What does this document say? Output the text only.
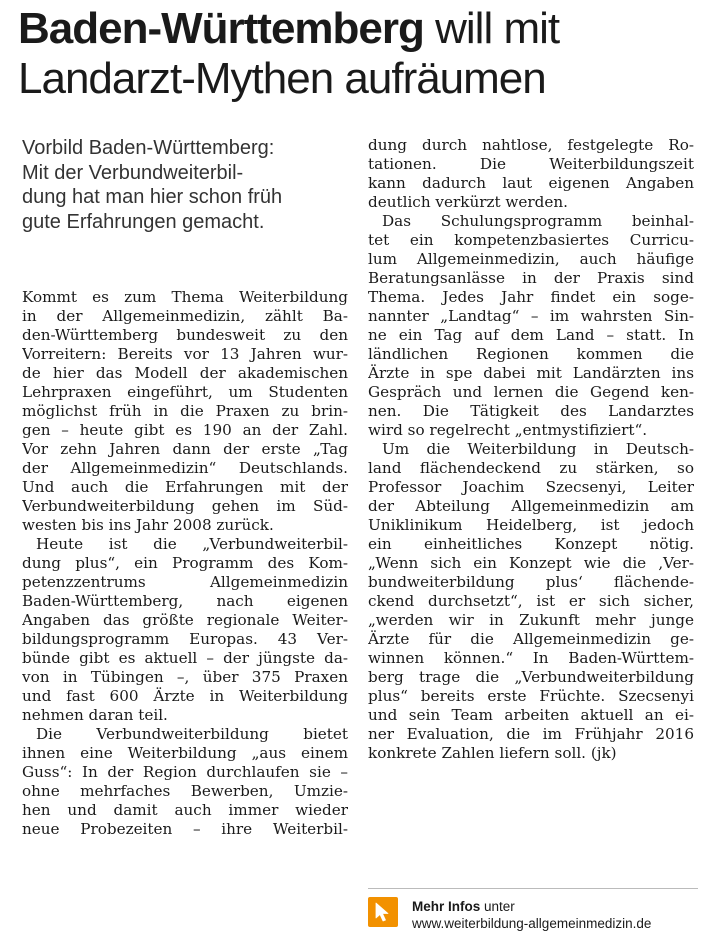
Baden-Württemberg will mit
Landarzt-Mythen aufräumen
Vorbild Baden-Württemberg:
Mit der Verbundweiterbil-
dung hat man hier schon früh
gute Erfahrungen gemacht.
Kommt es zum Thema Weiterbildung
in der Allgemeinmedizin, zählt Ba-
den-Württemberg bundesweit zu den
Vorreitern: Bereits vor 13 Jahren wur-
de hier das Modell der akademischen
Lehrpraxen eingeführt, um Studenten
möglichst früh in die Praxen zu brin-
gen – heute gibt es 190 an der Zahl.
Vor zehn Jahren dann der erste „Tag
der Allgemeinmedizin“ Deutschlands.
Und auch die Erfahrungen mit der
Verbundweiterbildung gehen im Süd-
westen bis ins Jahr 2008 zurück.
Heute ist die „Verbundweiterbil-
dung plus“, ein Programm des Kom-
petenzzentrums Allgemeinmedizin
Baden-Württemberg, nach eigenen
Angaben das größte regionale Weiter-
bildungsprogramm Europas. 43 Ver-
bünde gibt es aktuell – der jüngste da-
von in Tübingen –, über 375 Praxen
und fast 600 Ärzte in Weiterbildung
nehmen daran teil.
Die Verbundweiterbildung bietet
ihnen eine Weiterbildung „aus einem
Guss“: In der Region durchlaufen sie –
ohne mehrfaches Bewerben, Umzie-
hen und damit auch immer wieder
neue Probezeiten – ihre Weiterbil-
dung durch nahtlose, festgelegte Ro-
tationen. Die Weiterbildungszeit
kann dadurch laut eigenen Angaben
deutlich verkürzt werden.
Das Schulungsprogramm beinhal-
tet ein kompetenzbasiertes Curricu-
lum Allgemeinmedizin, auch häufige
Beratungsanlässe in der Praxis sind
Thema. Jedes Jahr findet ein soge-
nannter „Landtag“ – im wahrsten Sin-
ne ein Tag auf dem Land – statt. In
ländlichen Regionen kommen die
Ärzte in spe dabei mit Landärzten ins
Gespräch und lernen die Gegend ken-
nen. Die Tätigkeit des Landarztes
wird so regelrecht „entmystifiziert“.
Um die Weiterbildung in Deutsch-
land flächendeckend zu stärken, so
Professor Joachim Szecsenyi, Leiter
der Abteilung Allgemeinmedizin am
Uniklinikum Heidelberg, ist jedoch
ein einheitliches Konzept nötig.
„Wenn sich ein Konzept wie die ‚Ver-
bundweiterbildung plus‘ flächende-
ckend durchsetzt“, ist er sich sicher,
„werden wir in Zukunft mehr junge
Ärzte für die Allgemeinmedizin ge-
winnen können.“ In Baden-Württem-
berg trage die „Verbundweiterbildung
plus“ bereits erste Früchte. Szecsenyi
und sein Team arbeiten aktuell an ei-
ner Evaluation, die im Frühjahr 2016
konkrete Zahlen liefern soll. (jk)
Mehr Infos unter
www.weiterbildung-allgemeinmedizin.de
